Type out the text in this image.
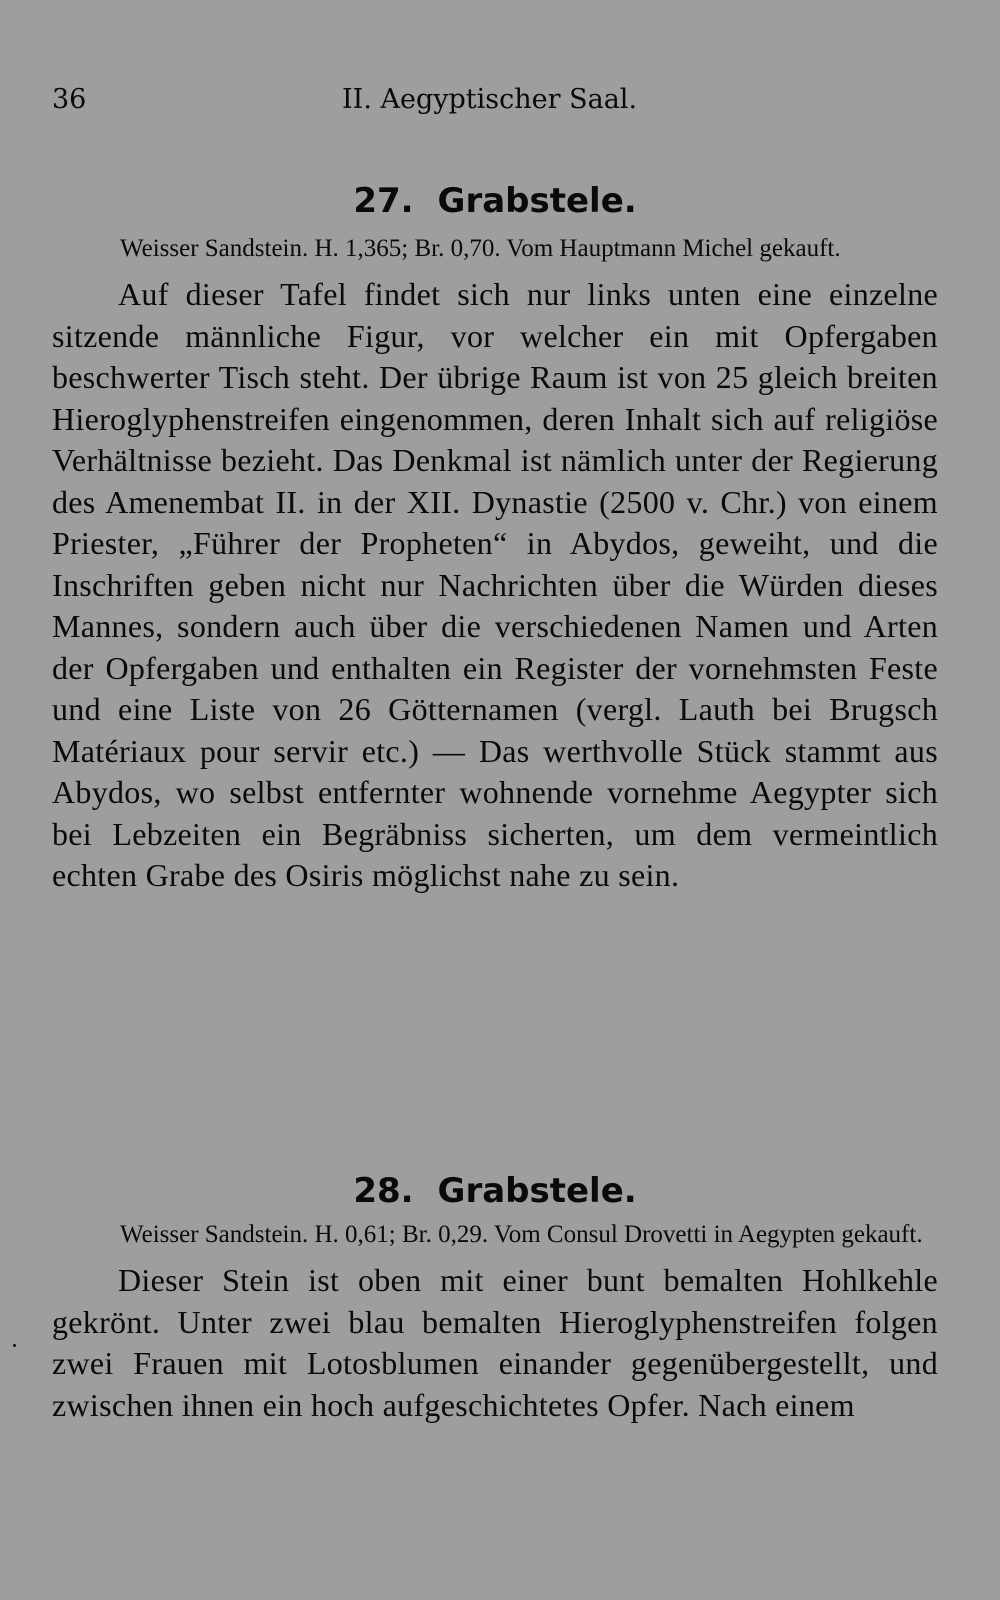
36	II. Aegyptischer Saal.
27. Grabstele.

Weisser Sandstein. H. 1,365; Br. 0,70. Vom Hauptmann Michel gekauft.

Auf dieser Tafel findet sich nur links unten eine einzelne sitzende männliche Figur, vor welcher ein mit Opfergaben beschwerter Tisch steht. Der übrige Raum ist von 25 gleich breiten Hieroglyphenstreifen eingenommen, deren Inhalt sich auf religiöse Verhältnisse bezieht. Das Denkmal ist nämlich unter der Regierung des Amenembat II. in der XII. Dynastie (2500 v. Chr.) von einem Priester, „Führer der Propheten“ in Abydos, geweiht, und die Inschriften geben nicht nur Nachrichten über die Würden dieses Mannes, sondern auch über die verschiedenen Namen und Arten der Opfergaben und enthalten ein Register der vornehmsten Feste und eine Liste von 26 Götternamen (vergl. Lauth bei Brugsch Matériaux pour servir etc.) — Das werthvolle Stück stammt aus Abydos, wo selbst entfernter wohnende vornehme Aegypter sich bei Lebzeiten ein Begräbniss sicherten, um dem vermeintlich echten Grabe des Osiris möglichst nahe zu sein.

28. Grabstele.

Weisser Sandstein. H. 0,61; Br. 0,29. Vom Consul Drovetti in Aegypten gekauft.

Dieser Stein ist oben mit einer bunt bemalten Hohlkehle gekrönt. Unter zwei blau bemalten Hieroglyphenstreifen folgen zwei Frauen mit Lotosblumen einander gegenübergestellt, und zwischen ihnen ein hoch aufgeschichtetes Opfer. Nach einem
